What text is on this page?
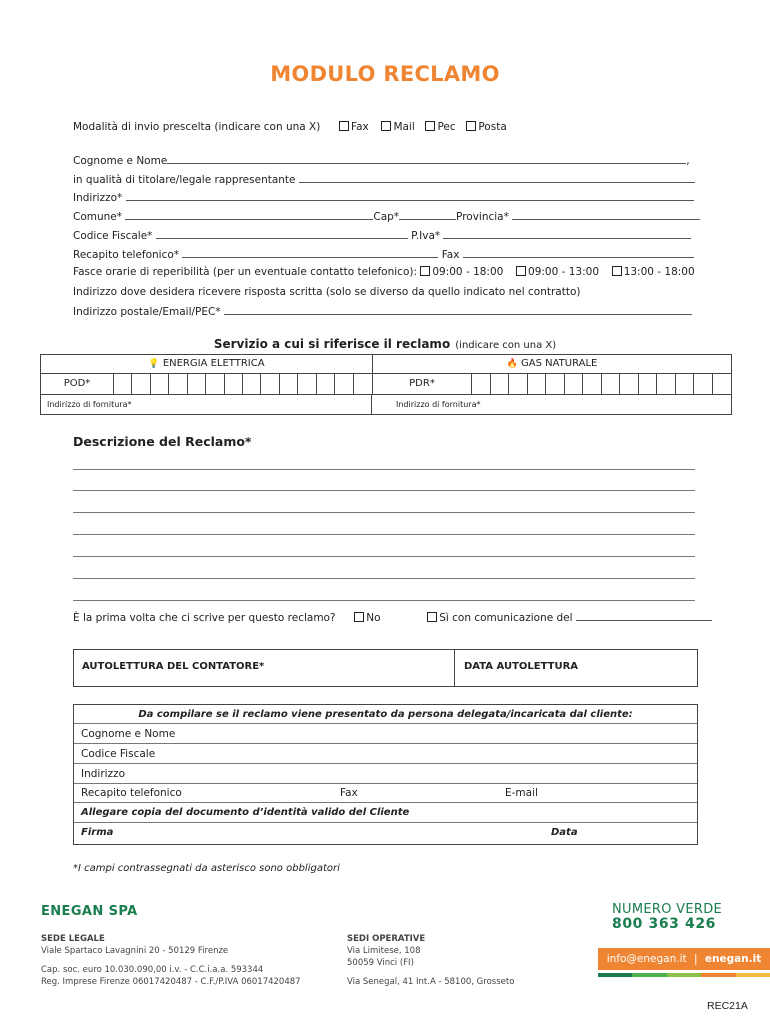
MODULO RECLAMO
Modalità di invio prescelta (indicare con una X)	Fax Mail Pec Posta
Cognome e Nome	,
in qualità di titolare/legale rappresentante
Indirizzo*
Comune*	Cap*	Provincia*
Codice Fiscale*	P.Iva*
Recapito telefonico*	Fax
Fasce orarie di reperibilità (per un eventuale contatto telefonico): 09:00 - 18:00 09:00 - 13:00 13:00 - 18:00
Indirizzo dove desidera ricevere risposta scritta (solo se diverso da quello indicato nel contratto)
Indirizzo postale/Email/PEC*
Servizio a cui si riferisce il reclamo (indicare con una X)
💡 ENERGIA ELETTRICA	🔥 GAS NATURALE
POD*	PDR*
Indirizzo di fornitura*	Indirizzo di fornitura*
Descrizione del Reclamo*
È la prima volta che ci scrive per questo reclamo?	No	Sì con comunicazione del
AUTOLETTURA DEL CONTATORE*	DATA AUTOLETTURA
Da compilare se il reclamo viene presentato da persona delegata/incaricata dal cliente:
Cognome e Nome
Codice Fiscale
Indirizzo
Recapito telefonico	Fax	E-mail
Allegare copia del documento d’identità valido del Cliente
Firma	Data
*I campi contrassegnati da asterisco sono obbligatori
ENEGAN SPA
SEDE LEGALE
Viale Spartaco Lavagnini 20 - 50129 Firenze
Cap. soc. euro 10.030.090,00 i.v. - C.C.i.a.a. 593344
Reg. Imprese Firenze 06017420487 - C.F./P.IVA 06017420487
SEDI OPERATIVE
Via Limitese, 108
50059 Vinci (FI)
Via Senegal, 41 Int.A - 58100, Grosseto
NUMERO VERDE
800 363 426
info@enegan.it | enegan.it
REC21A
